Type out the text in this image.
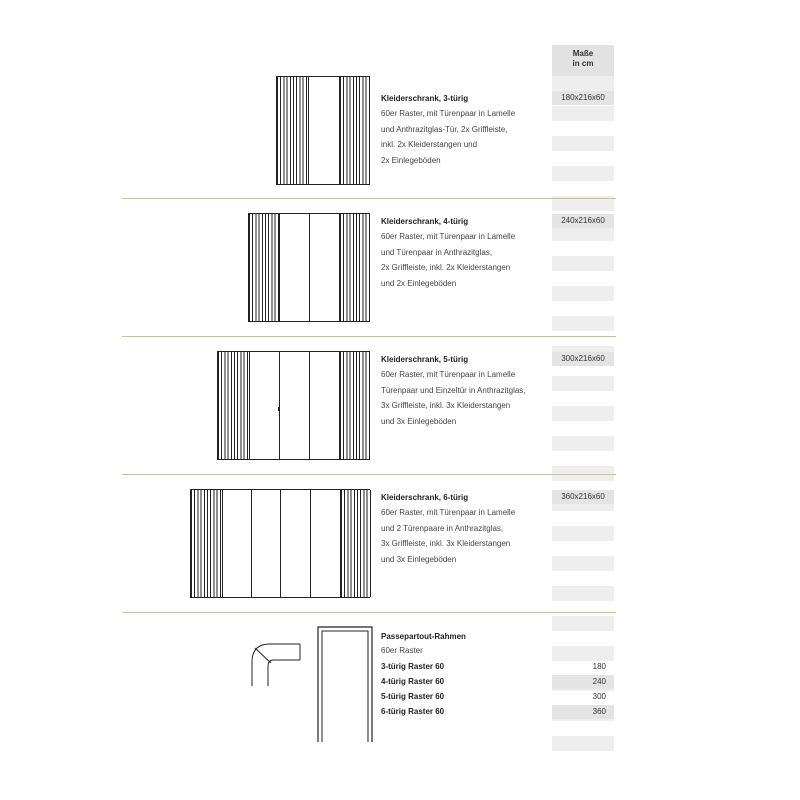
Maße
in cm
Kleiderschrank, 3-türig
60er Raster, mit Türenpaar in Lamelle
und Anthrazitglas-Tür, 2x Griffleiste,
inkl. 2x Kleiderstangen und
2x Einlegeböden
180x216x60
Kleiderschrank, 4-türig
60er Raster, mit Türenpaar in Lamelle
und Türenpaar in Anthrazitglas,
2x Griffleiste, inkl. 2x Kleiderstangen
und 2x Einlegeböden
240x216x60
Kleiderschrank, 5-türig
60er Raster, mit Türenpaar in Lamelle
Türenpaar und Einzeltür in Anthrazitglas,
3x Griffleiste, inkl. 3x Kleiderstangen
und 3x Einlegeböden
300x216x60
Kleiderschrank, 6-türig
60er Raster, mit Türenpaar in Lamelle
und 2 Türenpaare in Anthrazitglas,
3x Griffleiste, inkl. 3x Kleiderstangen
und 3x Einlegeböden
360x216x60
Passepartout-Rahmen
60er Raster
3-türig Raster 60	180
4-türig Raster 60	240
5-türig Raster 60	300
6-türig Raster 60	360
